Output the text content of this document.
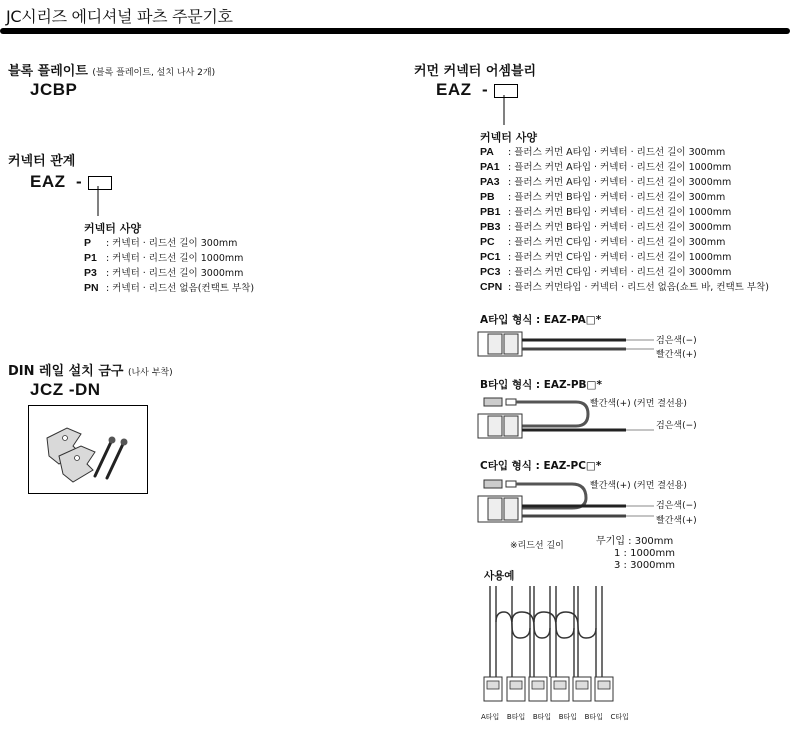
JC시리즈 에디셔널 파츠 주문기호
블록 플레이트 (블록 플레이트, 설치 나사 2개)
JCBP
커넥터 관계
EAZ  -
커넥터 사양
P : 커넥터 · 리드선 길이 300mm
P1 : 커넥터 · 리드선 길이 1000mm
P3 : 커넥터 · 리드선 길이 3000mm
PN : 커넥터 · 리드선 없음(컨택트 부착)
DIN 레일 설치 금구 (나사 부착)
JCZ -DN
커먼 커넥터 어셈블리
EAZ  -
커넥터 사양
PA : 플러스 커먼 A타입 · 커넥터 · 리드선 길이 300mm
PA1 : 플러스 커먼 A타입 · 커넥터 · 리드선 길이 1000mm
PA3 : 플러스 커먼 A타입 · 커넥터 · 리드선 길이 3000mm
PB : 플러스 커먼 B타입 · 커넥터 · 리드선 길이 300mm
PB1 : 플러스 커먼 B타입 · 커넥터 · 리드선 길이 1000mm
PB3 : 플러스 커먼 B타입 · 커넥터 · 리드선 길이 3000mm
PC : 플러스 커먼 C타입 · 커넥터 · 리드선 길이 300mm
PC1 : 플러스 커먼 C타입 · 커넥터 · 리드선 길이 1000mm
PC3 : 플러스 커먼 C타입 · 커넥터 · 리드선 길이 3000mm
CPN : 플러스 커먼타입 · 커넥터 · 리드선 없음(쇼트 바, 컨택트 부착)
A타입 형식 : EAZ-PA□*
검은색(−)
빨간색(+)
B타입 형식 : EAZ-PB□*
빨간색(+) (커먼 결선용)
검은색(−)
C타입 형식 : EAZ-PC□*
빨간색(+) (커먼 결선용)
검은색(−)
빨간색(+)
※리드선 길이	무기입 : 300mm
1 : 1000mm
3 : 3000mm
사용예
A타입 B타입 B타입 B타입 B타입 C타입
